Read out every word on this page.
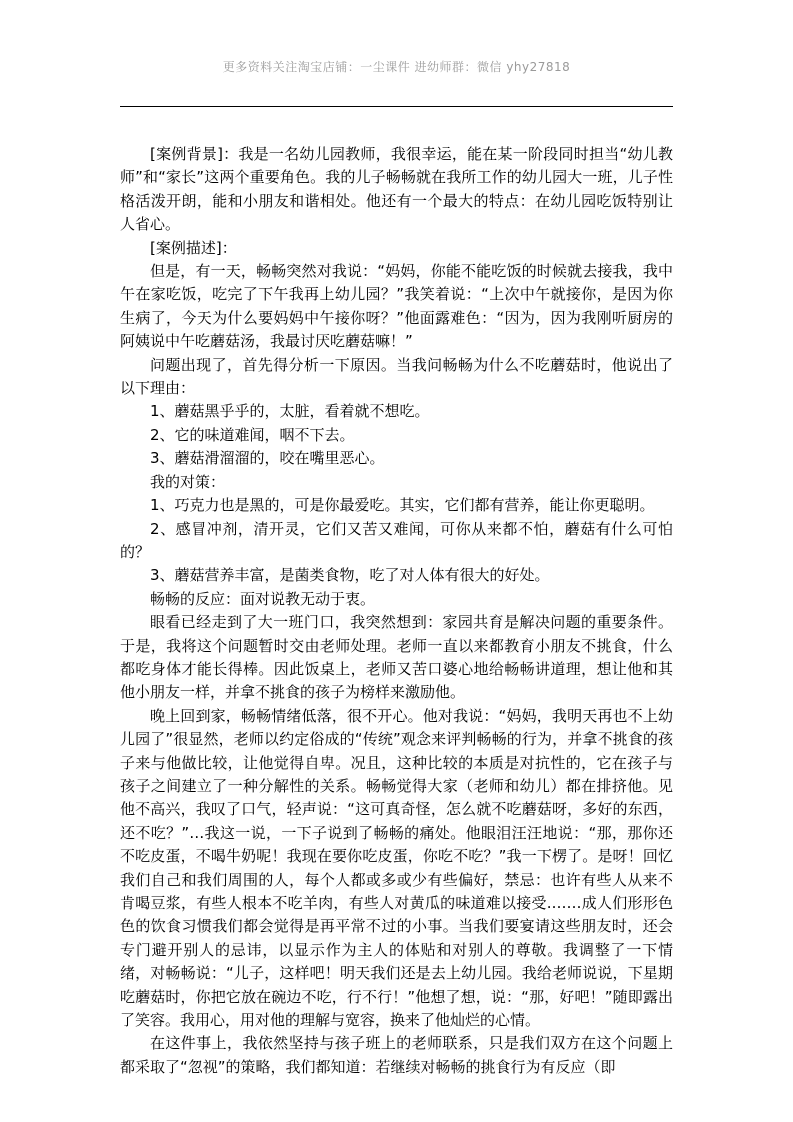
更多资料关注淘宝店铺：一尘课件 进幼师群：微信 yhy27818

[案例背景]：我是一名幼儿园教师，我很幸运，能在某一阶段同时担当“幼儿教师”和“家长”这两个重要角色。我的儿子畅畅就在我所工作的幼儿园大一班，儿子性格活泼开朗，能和小朋友和谐相处。他还有一个最大的特点：在幼儿园吃饭特别让人省心。

[案例描述]：

但是，有一天，畅畅突然对我说：“妈妈，你能不能吃饭的时候就去接我，我中午在家吃饭，吃完了下午我再上幼儿园？”我笑着说：“上次中午就接你，是因为你生病了，今天为什么要妈妈中午接你呀？”他面露难色：“因为，因为我刚听厨房的阿姨说中午吃蘑菇汤，我最讨厌吃蘑菇嘛！”

问题出现了，首先得分析一下原因。当我问畅畅为什么不吃蘑菇时，他说出了以下理由：

1、蘑菇黑乎乎的，太脏，看着就不想吃。

2、它的味道难闻，咽不下去。

3、蘑菇滑溜溜的，咬在嘴里恶心。

我的对策：

1、巧克力也是黑的，可是你最爱吃。其实，它们都有营养，能让你更聪明。

2、感冒冲剂，清开灵，它们又苦又难闻，可你从来都不怕，蘑菇有什么可怕的？

3、蘑菇营养丰富，是菌类食物，吃了对人体有很大的好处。

畅畅的反应：面对说教无动于衷。

眼看已经走到了大一班门口，我突然想到：家园共育是解决问题的重要条件。于是，我将这个问题暂时交由老师处理。老师一直以来都教育小朋友不挑食，什么都吃身体才能长得棒。因此饭桌上，老师又苦口婆心地给畅畅讲道理，想让他和其他小朋友一样，并拿不挑食的孩子为榜样来激励他。

晚上回到家，畅畅情绪低落，很不开心。他对我说：“妈妈，我明天再也不上幼儿园了”很显然，老师以约定俗成的“传统”观念来评判畅畅的行为，并拿不挑食的孩子来与他做比较，让他觉得自卑。况且，这种比较的本质是对抗性的，它在孩子与孩子之间建立了一种分解性的关系。畅畅觉得大家（老师和幼儿）都在排挤他。见他不高兴，我叹了口气，轻声说：“这可真奇怪，怎么就不吃蘑菇呀，多好的东西，还不吃？”…我这一说，一下子说到了畅畅的痛处。他眼泪汪汪地说：“那，那你还不吃皮蛋，不喝牛奶呢！我现在要你吃皮蛋，你吃不吃？”我一下楞了。是呀！回忆我们自己和我们周围的人，每个人都或多或少有些偏好，禁忌：也许有些人从来不肯喝豆浆，有些人根本不吃羊肉，有些人对黄瓜的味道难以接受.……成人们形形色色的饮食习惯我们都会觉得是再平常不过的小事。当我们要宴请这些朋友时，还会专门避开别人的忌讳，以显示作为主人的体贴和对别人的尊敬。我调整了一下情绪，对畅畅说：“儿子，这样吧！明天我们还是去上幼儿园。我给老师说说，下星期吃蘑菇时，你把它放在碗边不吃，行不行！”他想了想，说：“那，好吧！”随即露出了笑容。我用心，用对他的理解与宽容，换来了他灿烂的心情。

在这件事上，我依然坚持与孩子班上的老师联系，只是我们双方在这个问题上都采取了“忽视”的策略，我们都知道：若继续对畅畅的挑食行为有反应（即
